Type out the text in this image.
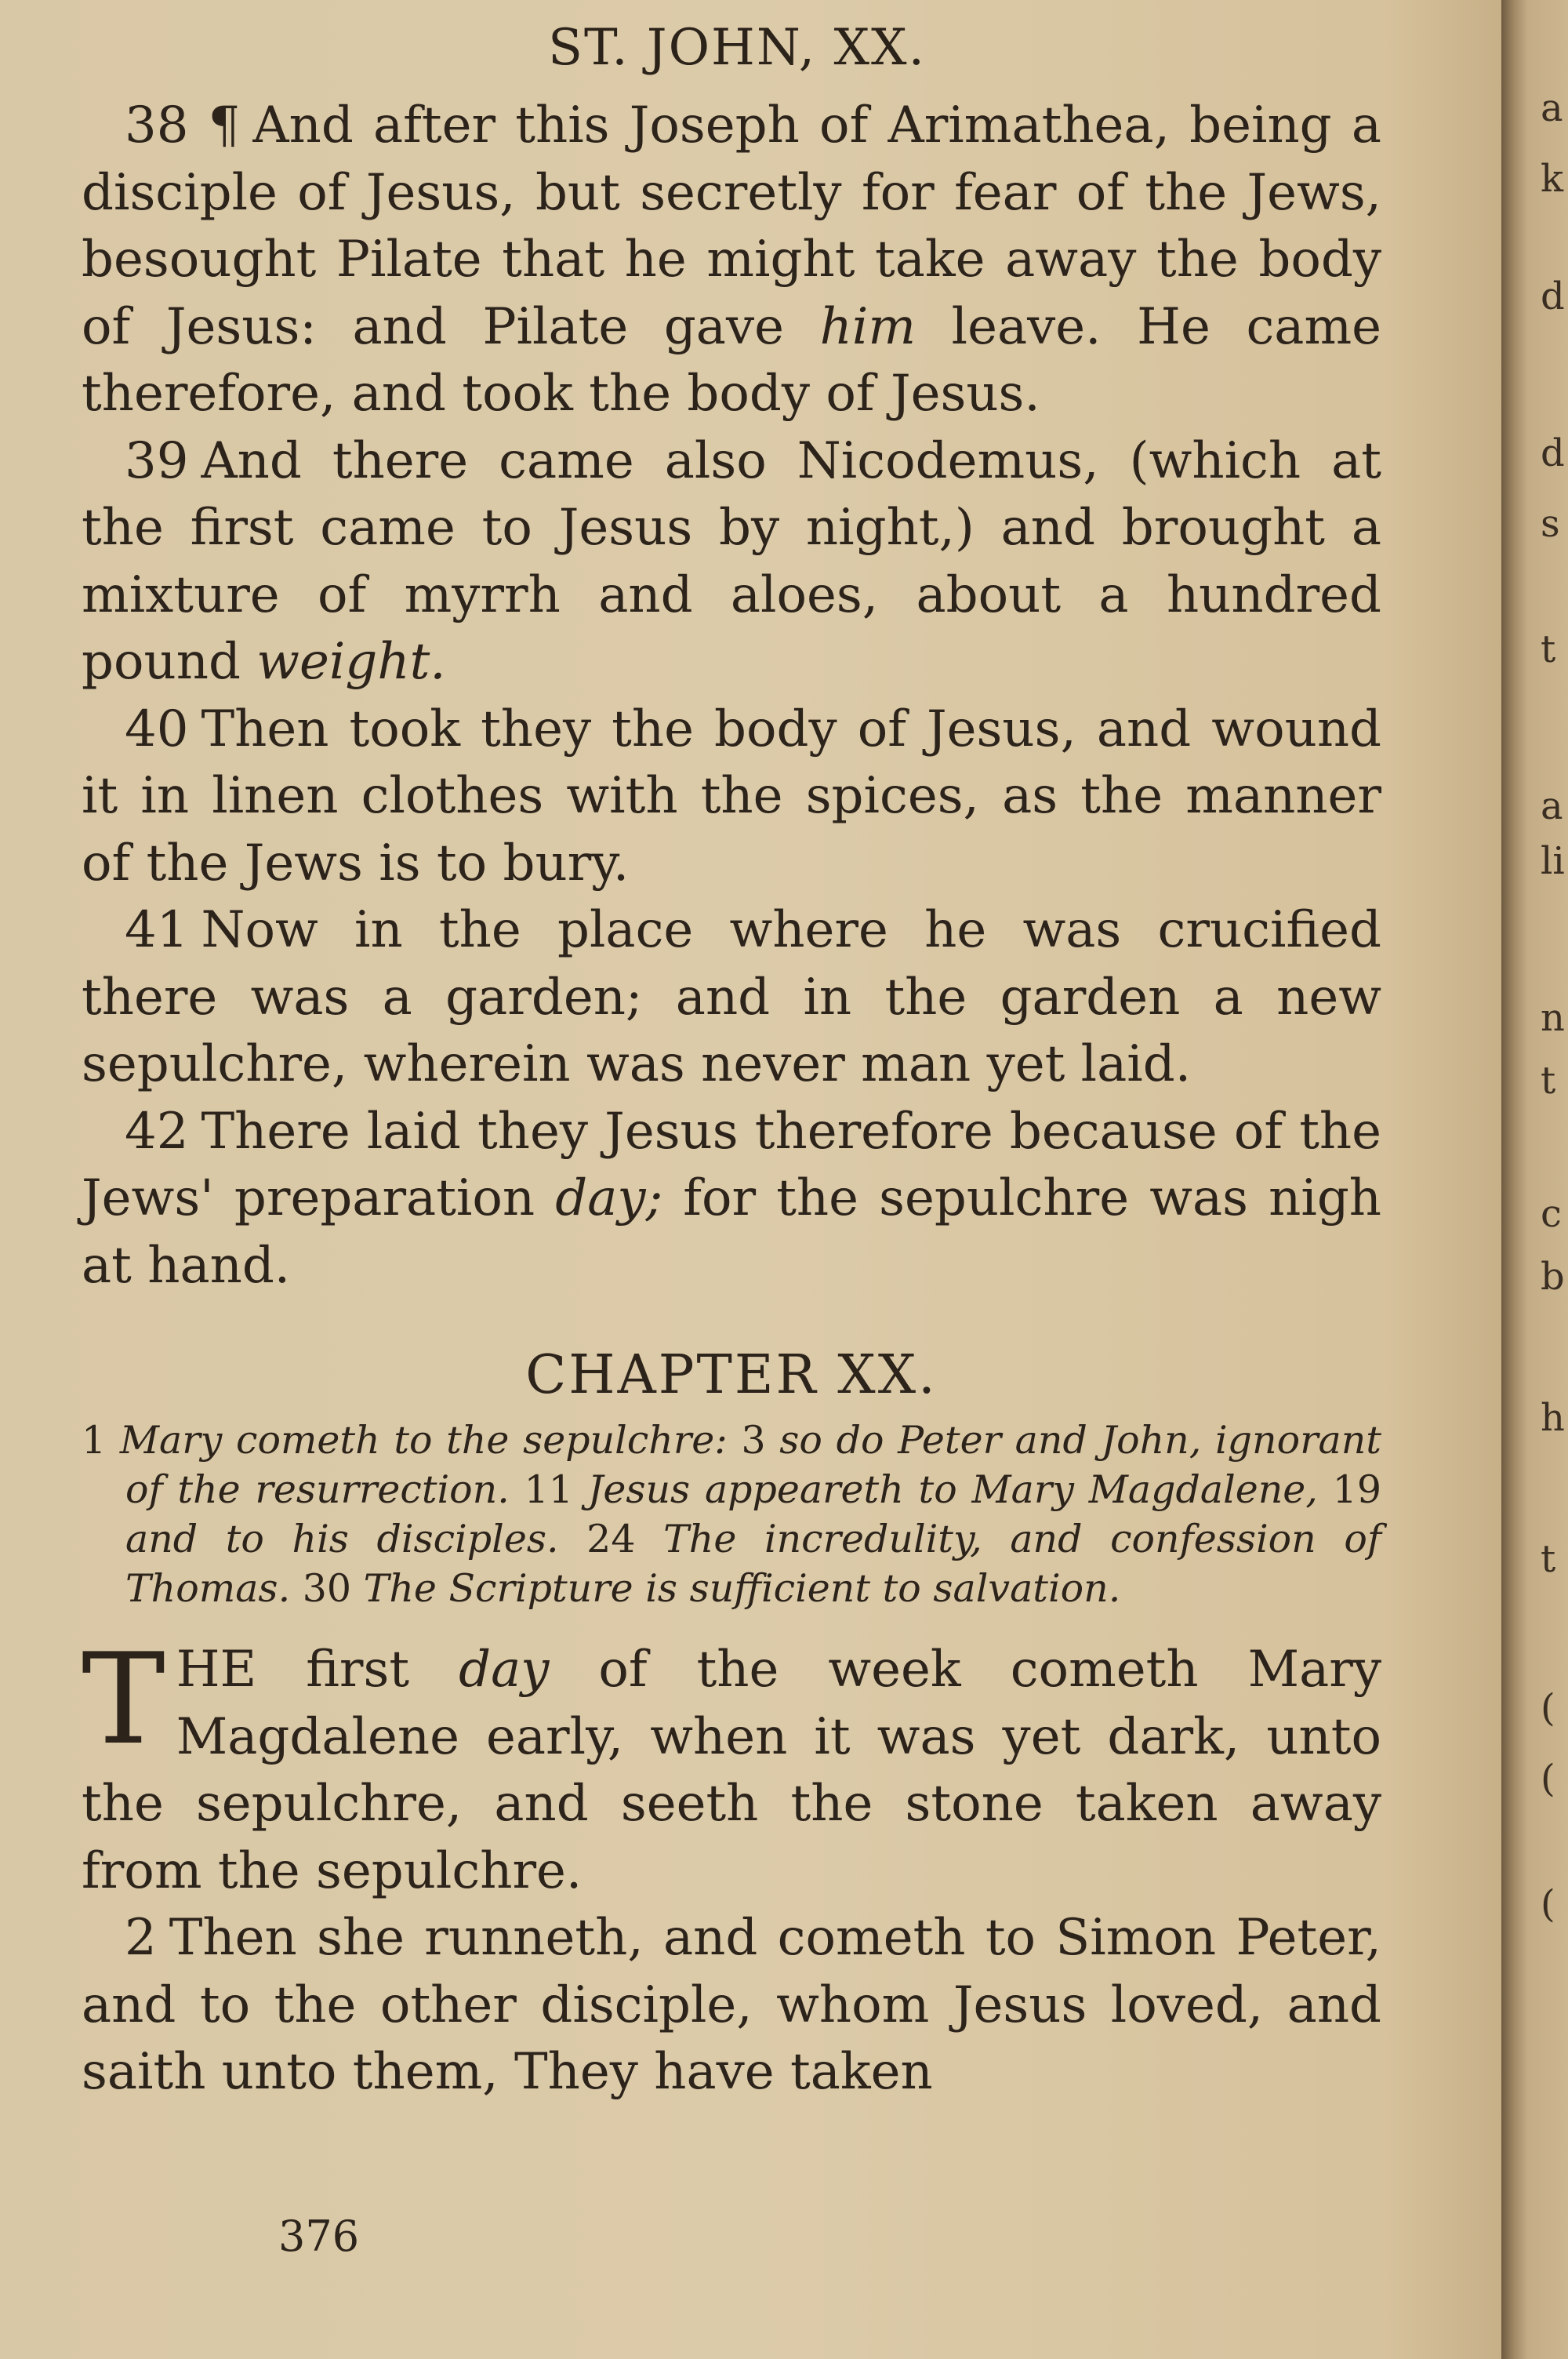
ST. JOHN, XX.

38 ¶ And after this Joseph of Arimathea, being a disciple of Jesus, but secretly for fear of the Jews, besought Pilate that he might take away the body of Jesus: and Pilate gave him leave. He came therefore, and took the body of Jesus.

39 And there came also Nicodemus, (which at the first came to Jesus by night,) and brought a mixture of myrrh and aloes, about a hundred pound weight.

40 Then took they the body of Jesus, and wound it in linen clothes with the spices, as the manner of the Jews is to bury.

41 Now in the place where he was crucified there was a garden; and in the garden a new sepulchre, wherein was never man yet laid.

42 There laid they Jesus therefore because of the Jews' preparation day; for the sepulchre was nigh at hand.

CHAPTER XX.
1 Mary cometh to the sepulchre: 3 so do Peter and John, ignorant of the resurrection. 11 Jesus appeareth to Mary Magdalene, 19 and to his disciples. 24 The incredulity, and confession of Thomas. 30 The Scripture is sufficient to salvation.

THE first day of the week cometh Mary Magdalene early, when it was yet dark, unto the sepulchre, and seeth the stone taken away from the sepulchre.

2 Then she runneth, and cometh to Simon Peter, and to the other disciple, whom Jesus loved, and saith unto them, They have taken

376
a
k
d
d
s
t
a
li
n
t
c
b
h
t
(
(
(
